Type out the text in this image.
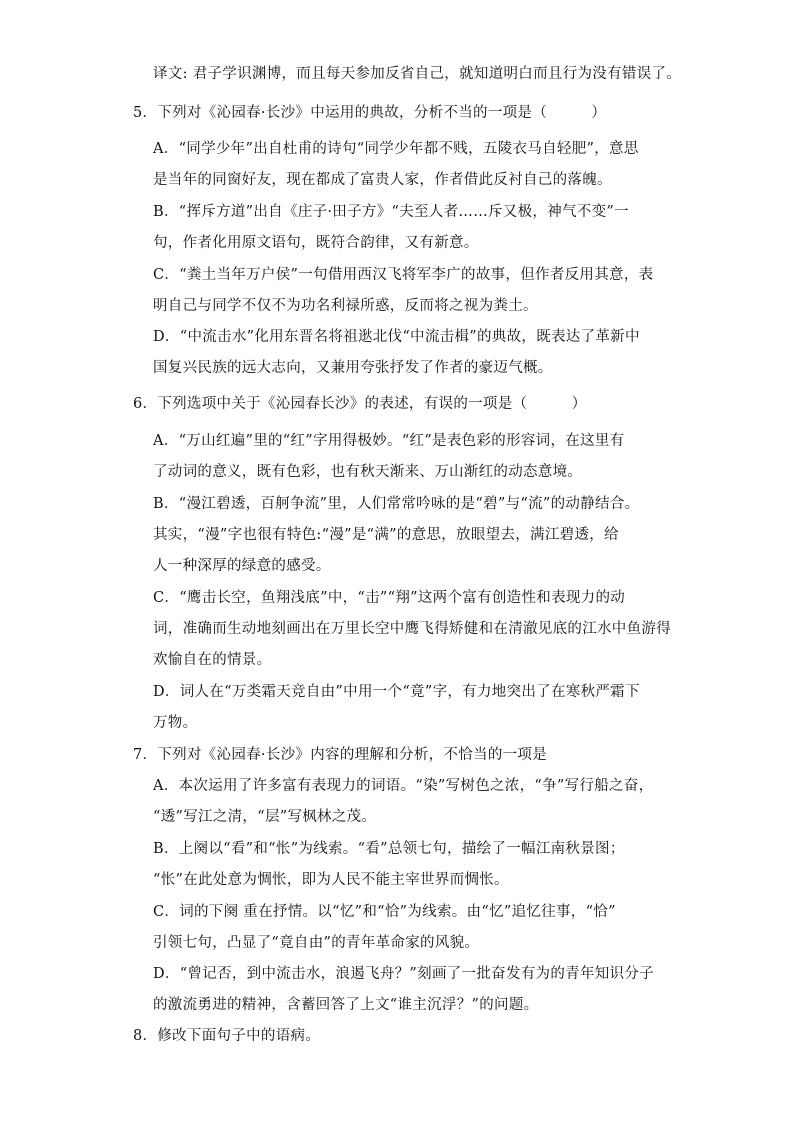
译文: 君子学识渊博，而且每天参加反省自己，就知道明白而且行为没有错误了。
5．下列对《沁园春·长沙》中运用的典故，分析不当的一项是（　　　）
A．“同学少年”出自杜甫的诗句“同学少年都不贱，五陵衣马自轻肥”，意思
是当年的同窗好友，现在都成了富贵人家，作者借此反衬自己的落魄。
B．“挥斥方道”出自《庄子·田子方》“夫至人者……斥又极，神气不变”一
句，作者化用原文语句，既符合韵律，又有新意。
C．“粪土当年万户侯”一句借用西汉飞将军李广的故事，但作者反用其意，表
明自己与同学不仅不为功名利禄所惑，反而将之视为粪土。
D．“中流击水”化用东晋名将祖逖北伐“中流击楫”的典故，既表达了革新中
国复兴民族的远大志向，又兼用夸张抒发了作者的豪迈气概。
6．下列选项中关于《沁园春长沙》的表述，有误的一项是（　　　）
A．“万山红遍”里的“红”字用得极妙。“红”是表色彩的形容词，在这里有
了动词的意义，既有色彩，也有秋天渐来、万山渐红的动态意境。
B．“漫江碧透，百舸争流”里，人们常常吟咏的是“碧”与“流”的动静结合。
其实，“漫”字也很有特色:“漫”是“满”的意思，放眼望去，满江碧透，给
人一种深厚的绿意的感受。
C．“鹰击长空，鱼翔浅底”中，“击”“翔”这两个富有创造性和表现力的动
词，准确而生动地刻画出在万里长空中鹰飞得矫健和在清澈见底的江水中鱼游得
欢愉自在的情景。
D．词人在“万类霜天竞自由”中用一个“竟”字，有力地突出了在寒秋严霜下
万物。
7．下列对《沁园春·长沙》内容的理解和分析，不恰当的一项是
A．本次运用了许多富有表现力的词语。“染”写树色之浓，“争”写行船之奋，
“透”写江之清，“层”写枫林之茂。
B．上阕以“看”和“怅”为线索。“看”总领七句，描绘了一幅江南秋景图；
“怅”在此处意为惆怅，即为人民不能主宰世界而惆怅。
C．词的下阕 重在抒情。以“忆”和“恰”为线索。由“忆”追忆往事，“恰”
引领七句，凸显了“竟自由”的青年革命家的风貌。
D．“曾记否，到中流击水，浪遏飞舟？”刻画了一批奋发有为的青年知识分子
的激流勇进的精神，含蓄回答了上文“谁主沉浮？”的问题。
8．修改下面句子中的语病。
